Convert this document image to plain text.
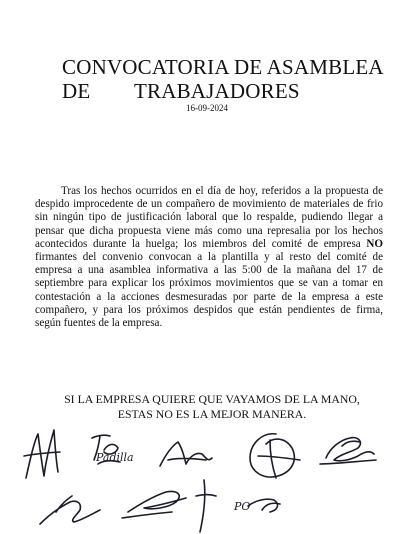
CONVOCATORIA DE ASAMBLEA DE	TRABAJADORES
16-09-2024

Tras los hechos ocurridos en el día de hoy, referidos a la propuesta de despido improcedente de un compañero de movimiento de materiales de frio sin ningún tipo de justificación laboral que lo respalde, pudiendo llegar a pensar que dicha propuesta viene más como una represalia por los hechos acontecidos durante la huelga; los miembros del comité de empresa NO firmantes del convenio convocan a la plantilla y al resto del comité de empresa a una asamblea informativa a las 5:00 de la mañana del 17 de septiembre para explicar los próximos movimientos que se van a tomar en contestación a la acciones desmesuradas por parte de la empresa a este compañero, y para los próximos despidos que están pendientes de firma, según fuentes de la empresa.

SI LA EMPRESA QUIERE QUE VAYAMOS DE LA MANO,
ESTAS NO ES LA MEJOR MANERA.

Padilla
PO
